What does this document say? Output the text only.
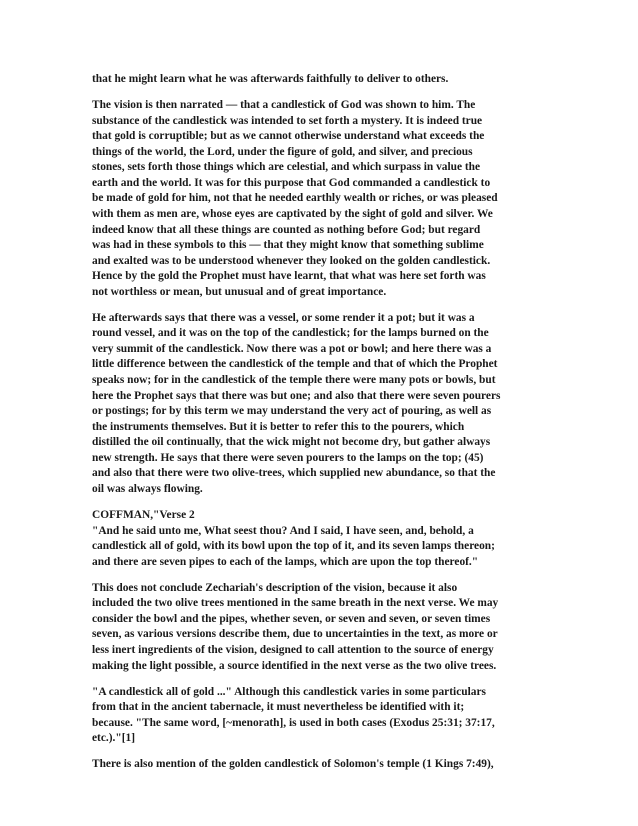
that he might learn what he was afterwards faithfully to deliver to others.

The vision is then narrated — that a candlestick of God was shown to him. The
substance of the candlestick was intended to set forth a mystery. It is indeed true
that gold is corruptible; but as we cannot otherwise understand what exceeds the
things of the world, the Lord, under the figure of gold, and silver, and precious
stones, sets forth those things which are celestial, and which surpass in value the
earth and the world. It was for this purpose that God commanded a candlestick to
be made of gold for him, not that he needed earthly wealth or riches, or was pleased
with them as men are, whose eyes are captivated by the sight of gold and silver. We
indeed know that all these things are counted as nothing before God; but regard
was had in these symbols to this — that they might know that something sublime
and exalted was to be understood whenever they looked on the golden candlestick.
Hence by the gold the Prophet must have learnt, that what was here set forth was
not worthless or mean, but unusual and of great importance.

He afterwards says that there was a vessel, or some render it a pot; but it was a
round vessel, and it was on the top of the candlestick; for the lamps burned on the
very summit of the candlestick. Now there was a pot or bowl; and here there was a
little difference between the candlestick of the temple and that of which the Prophet
speaks now; for in the candlestick of the temple there were many pots or bowls, but
here the Prophet says that there was but one; and also that there were seven pourers
or postings; for by this term we may understand the very act of pouring, as well as
the instruments themselves. But it is better to refer this to the pourers, which
distilled the oil continually, that the wick might not become dry, but gather always
new strength. He says that there were seven pourers to the lamps on the top; (45)
and also that there were two olive-trees, which supplied new abundance, so that the
oil was always flowing.

COFFMAN,"Verse 2
"And he said unto me, What seest thou? And I said, I have seen, and, behold, a
candlestick all of gold, with its bowl upon the top of it, and its seven lamps thereon;
and there are seven pipes to each of the lamps, which are upon the top thereof."

This does not conclude Zechariah's description of the vision, because it also
included the two olive trees mentioned in the same breath in the next verse. We may
consider the bowl and the pipes, whether seven, or seven and seven, or seven times
seven, as various versions describe them, due to uncertainties in the text, as more or
less inert ingredients of the vision, designed to call attention to the source of energy
making the light possible, a source identified in the next verse as the two olive trees.

"A candlestick all of gold ..." Although this candlestick varies in some particulars
from that in the ancient tabernacle, it must nevertheless be identified with it;
because. "The same word, [~menorath], is used in both cases (Exodus 25:31; 37:17,
etc.)."[1]

There is also mention of the golden candlestick of Solomon's temple (1 Kings 7:49),
